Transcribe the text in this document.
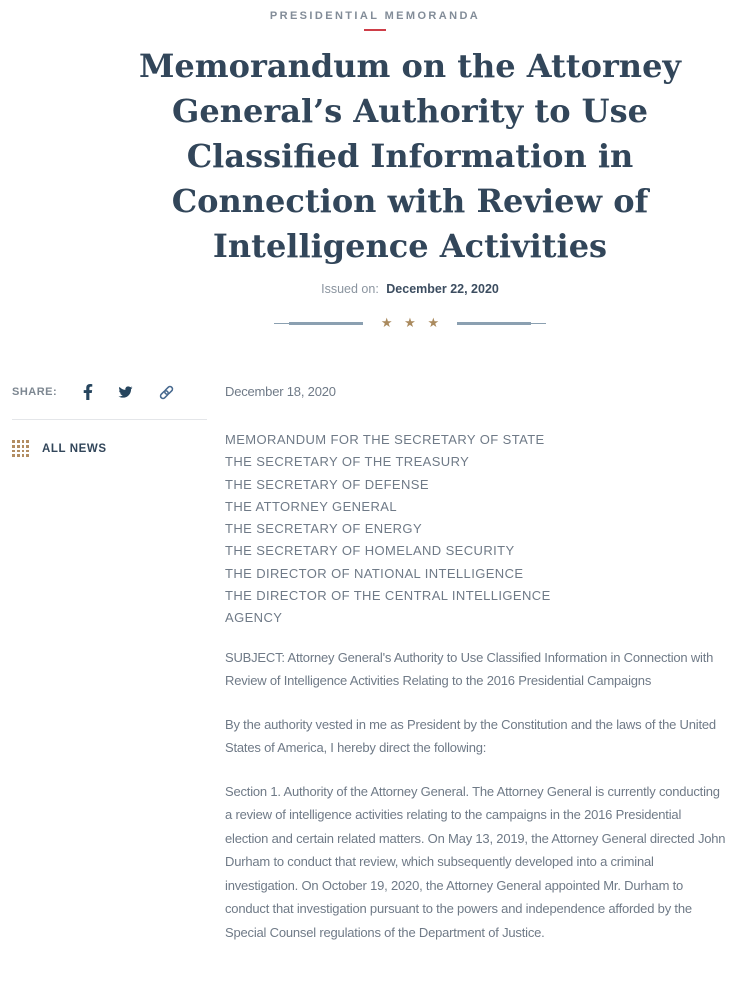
PRESIDENTIAL MEMORANDA
Memorandum on the Attorney
General’s Authority to Use
Classified Information in
Connection with Review of
Intelligence Activities
Issued on: December 22, 2020
★ ★ ★
SHARE:
ALL NEWS

December 18, 2020

MEMORANDUM FOR THE SECRETARY OF STATE
THE SECRETARY OF THE TREASURY
THE SECRETARY OF DEFENSE
THE ATTORNEY GENERAL
THE SECRETARY OF ENERGY
THE SECRETARY OF HOMELAND SECURITY
THE DIRECTOR OF NATIONAL INTELLIGENCE
THE DIRECTOR OF THE CENTRAL INTELLIGENCE
AGENCY

SUBJECT: Attorney General's Authority to Use Classified Information in Connection with Review of Intelligence Activities Relating to the 2016 Presidential Campaigns

By the authority vested in me as President by the Constitution and the laws of the United States of America, I hereby direct the following:

Section 1. Authority of the Attorney General. The Attorney General is currently conducting a review of intelligence activities relating to the campaigns in the 2016 Presidential election and certain related matters. On May 13, 2019, the Attorney General directed John Durham to conduct that review, which subsequently developed into a criminal investigation. On October 19, 2020, the Attorney General appointed Mr. Durham to conduct that investigation pursuant to the powers and independence afforded by the Special Counsel regulations of the Department of Justice.
